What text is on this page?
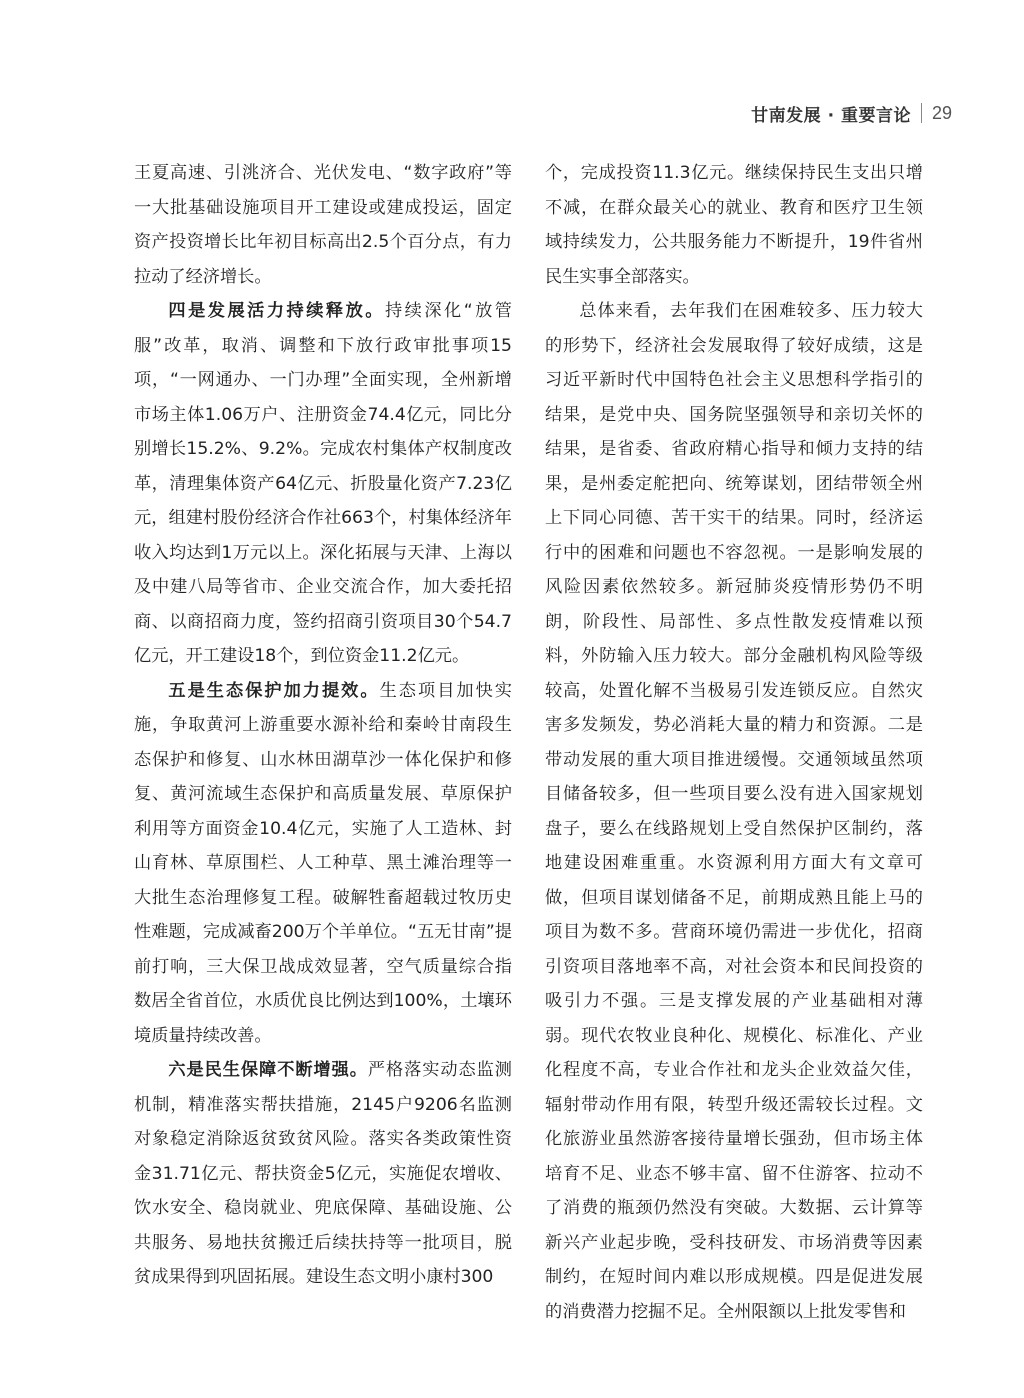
甘南发展 · 重要言论 29

王夏高速、引洮济合、光伏发电、“数字政府”等一大批基础设施项目开工建设或建成投运，固定资产投资增长比年初目标高出2.5个百分点，有力拉动了经济增长。

四是发展活力持续释放。持续深化“放管服”改革，取消、调整和下放行政审批事项15项，“一网通办、一门办理”全面实现，全州新增市场主体1.06万户、注册资金74.4亿元，同比分别增长15.2%、9.2%。完成农村集体产权制度改革，清理集体资产64亿元、折股量化资产7.23亿元，组建村股份经济合作社663个，村集体经济年收入均达到1万元以上。深化拓展与天津、上海以及中建八局等省市、企业交流合作，加大委托招商、以商招商力度，签约招商引资项目30个54.7亿元，开工建设18个，到位资金11.2亿元。

五是生态保护加力提效。生态项目加快实施，争取黄河上游重要水源补给和秦岭甘南段生态保护和修复、山水林田湖草沙一体化保护和修复、黄河流域生态保护和高质量发展、草原保护利用等方面资金10.4亿元，实施了人工造林、封山育林、草原围栏、人工种草、黑土滩治理等一大批生态治理修复工程。破解牲畜超载过牧历史性难题，完成减畜200万个羊单位。“五无甘南”提前打响，三大保卫战成效显著，空气质量综合指数居全省首位，水质优良比例达到100%，土壤环境质量持续改善。

六是民生保障不断增强。严格落实动态监测机制，精准落实帮扶措施，2145户9206名监测对象稳定消除返贫致贫风险。落实各类政策性资金31.71亿元、帮扶资金5亿元，实施促农增收、饮水安全、稳岗就业、兜底保障、基础设施、公共服务、易地扶贫搬迁后续扶持等一批项目，脱贫成果得到巩固拓展。建设生态文明小康村300

个，完成投资11.3亿元。继续保持民生支出只增不减，在群众最关心的就业、教育和医疗卫生领域持续发力，公共服务能力不断提升，19件省州民生实事全部落实。

总体来看，去年我们在困难较多、压力较大的形势下，经济社会发展取得了较好成绩，这是习近平新时代中国特色社会主义思想科学指引的结果，是党中央、国务院坚强领导和亲切关怀的结果，是省委、省政府精心指导和倾力支持的结果，是州委定舵把向、统筹谋划，团结带领全州上下同心同德、苦干实干的结果。同时，经济运行中的困难和问题也不容忽视。一是影响发展的风险因素依然较多。新冠肺炎疫情形势仍不明朗，阶段性、局部性、多点性散发疫情难以预料，外防输入压力较大。部分金融机构风险等级较高，处置化解不当极易引发连锁反应。自然灾害多发频发，势必消耗大量的精力和资源。二是带动发展的重大项目推进缓慢。交通领域虽然项目储备较多，但一些项目要么没有进入国家规划盘子，要么在线路规划上受自然保护区制约，落地建设困难重重。水资源利用方面大有文章可做，但项目谋划储备不足，前期成熟且能上马的项目为数不多。营商环境仍需进一步优化，招商引资项目落地率不高，对社会资本和民间投资的吸引力不强。三是支撑发展的产业基础相对薄弱。现代农牧业良种化、规模化、标准化、产业化程度不高，专业合作社和龙头企业效益欠佳，辐射带动作用有限，转型升级还需较长过程。文化旅游业虽然游客接待量增长强劲，但市场主体培育不足、业态不够丰富、留不住游客、拉动不了消费的瓶颈仍然没有突破。大数据、云计算等新兴产业起步晚，受科技研发、市场消费等因素制约，在短时间内难以形成规模。四是促进发展的消费潜力挖掘不足。全州限额以上批发零售和
